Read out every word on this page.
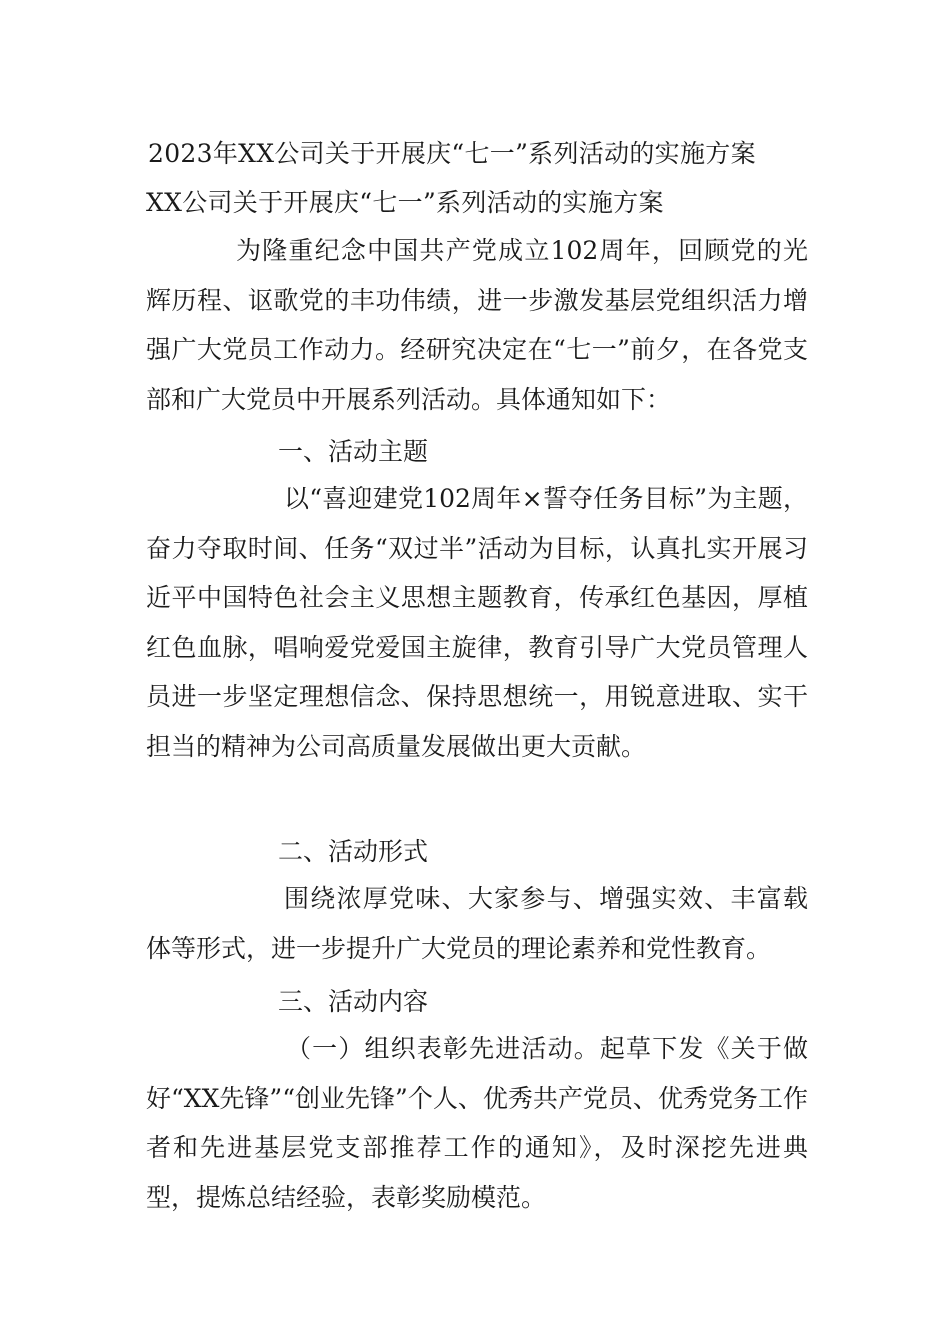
2023年XX公司关于开展庆“七一”系列活动的实施方案
XX公司关于开展庆“七一”系列活动的实施方案

为隆重纪念中国共产党成立102周年，回顾党的光辉历程、讴歌党的丰功伟绩，进一步激发基层党组织活力增强广大党员工作动力。经研究决定在“七一”前夕，在各党支部和广大党员中开展系列活动。具体通知如下：

一、活动主题

以“喜迎建党102周年×誓夺任务目标”为主题，奋力夺取时间、任务“双过半”活动为目标，认真扎实开展习近平中国特色社会主义思想主题教育，传承红色基因，厚植红色血脉，唱响爱党爱国主旋律，教育引导广大党员管理人员进一步坚定理想信念、保持思想统一，用锐意进取、实干担当的精神为公司高质量发展做出更大贡献。

二、活动形式

围绕浓厚党味、大家参与、增强实效、丰富载体等形式，进一步提升广大党员的理论素养和党性教育。

三、活动内容

（一）组织表彰先进活动。起草下发《关于做好“XX先锋”“创业先锋”个人、优秀共产党员、优秀党务工作者和先进基层党支部推荐工作的通知》，及时深挖先进典型，提炼总结经验，表彰奖励模范。
